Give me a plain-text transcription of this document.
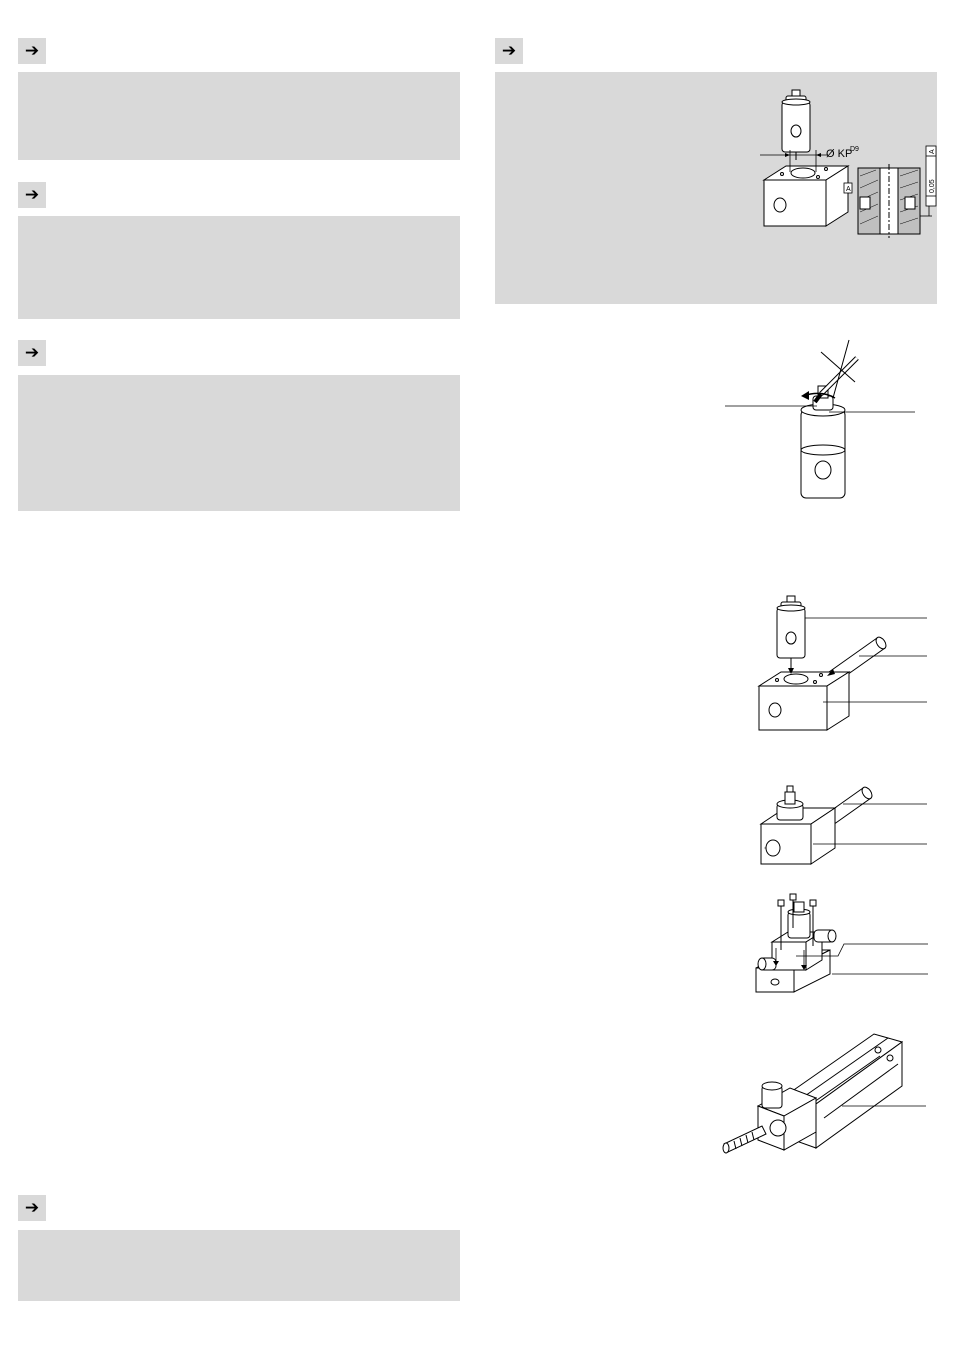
➔
➔
➔
➔
➔
Ø KP
D9
A	0,05
A
